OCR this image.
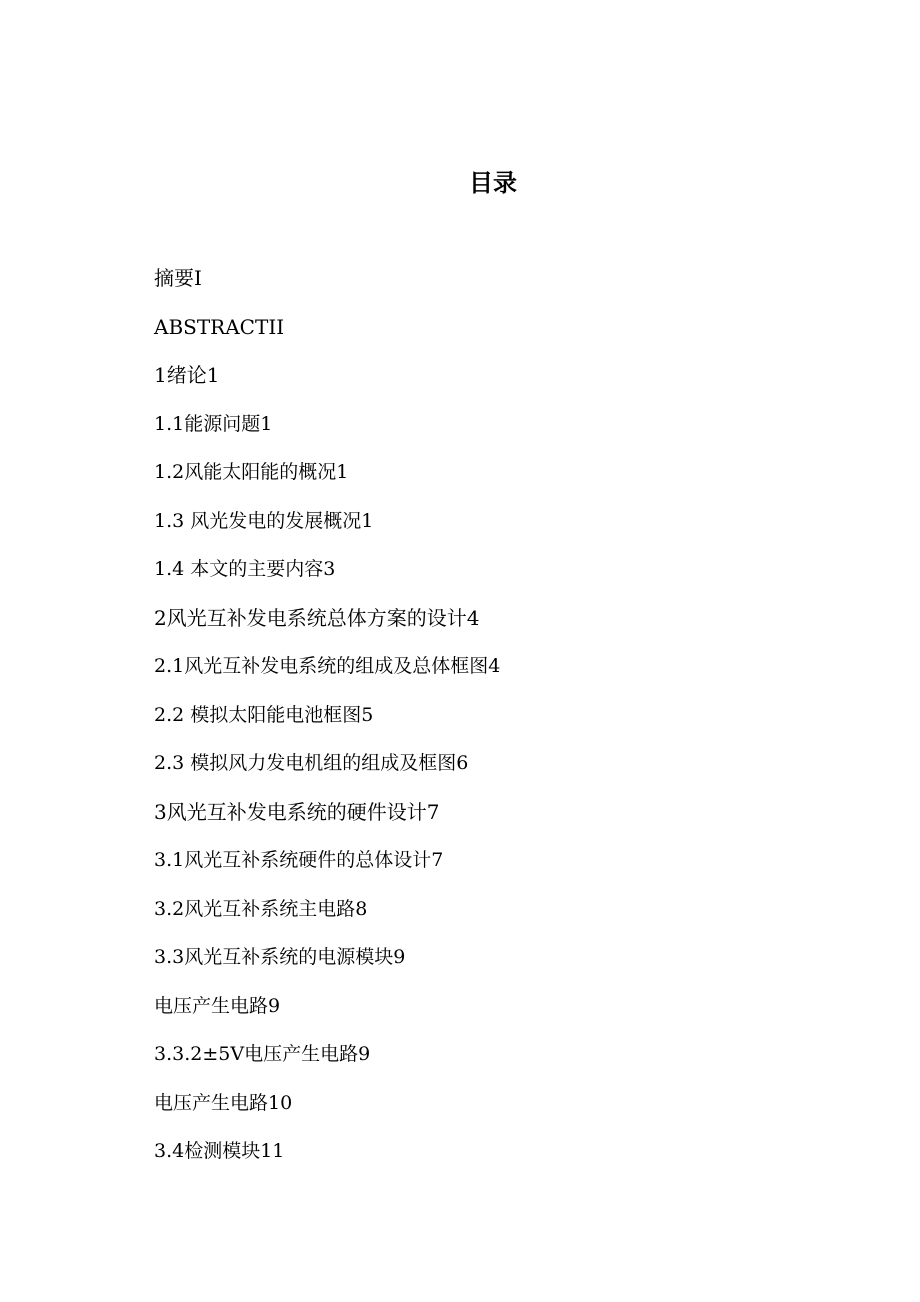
目录
摘要I
ABSTRACTII
1绪论1
1.1能源问题1
1.2风能太阳能的概况1
1.3 风光发电的发展概况1
1.4 本文的主要内容3
2风光互补发电系统总体方案的设计4
2.1风光互补发电系统的组成及总体框图4
2.2 模拟太阳能电池框图5
2.3 模拟风力发电机组的组成及框图6
3风光互补发电系统的硬件设计7
3.1风光互补系统硬件的总体设计7
3.2风光互补系统主电路8
3.3风光互补系统的电源模块9
电压产生电路9
3.3.2±5V电压产生电路9
电压产生电路10
3.4检测模块11
